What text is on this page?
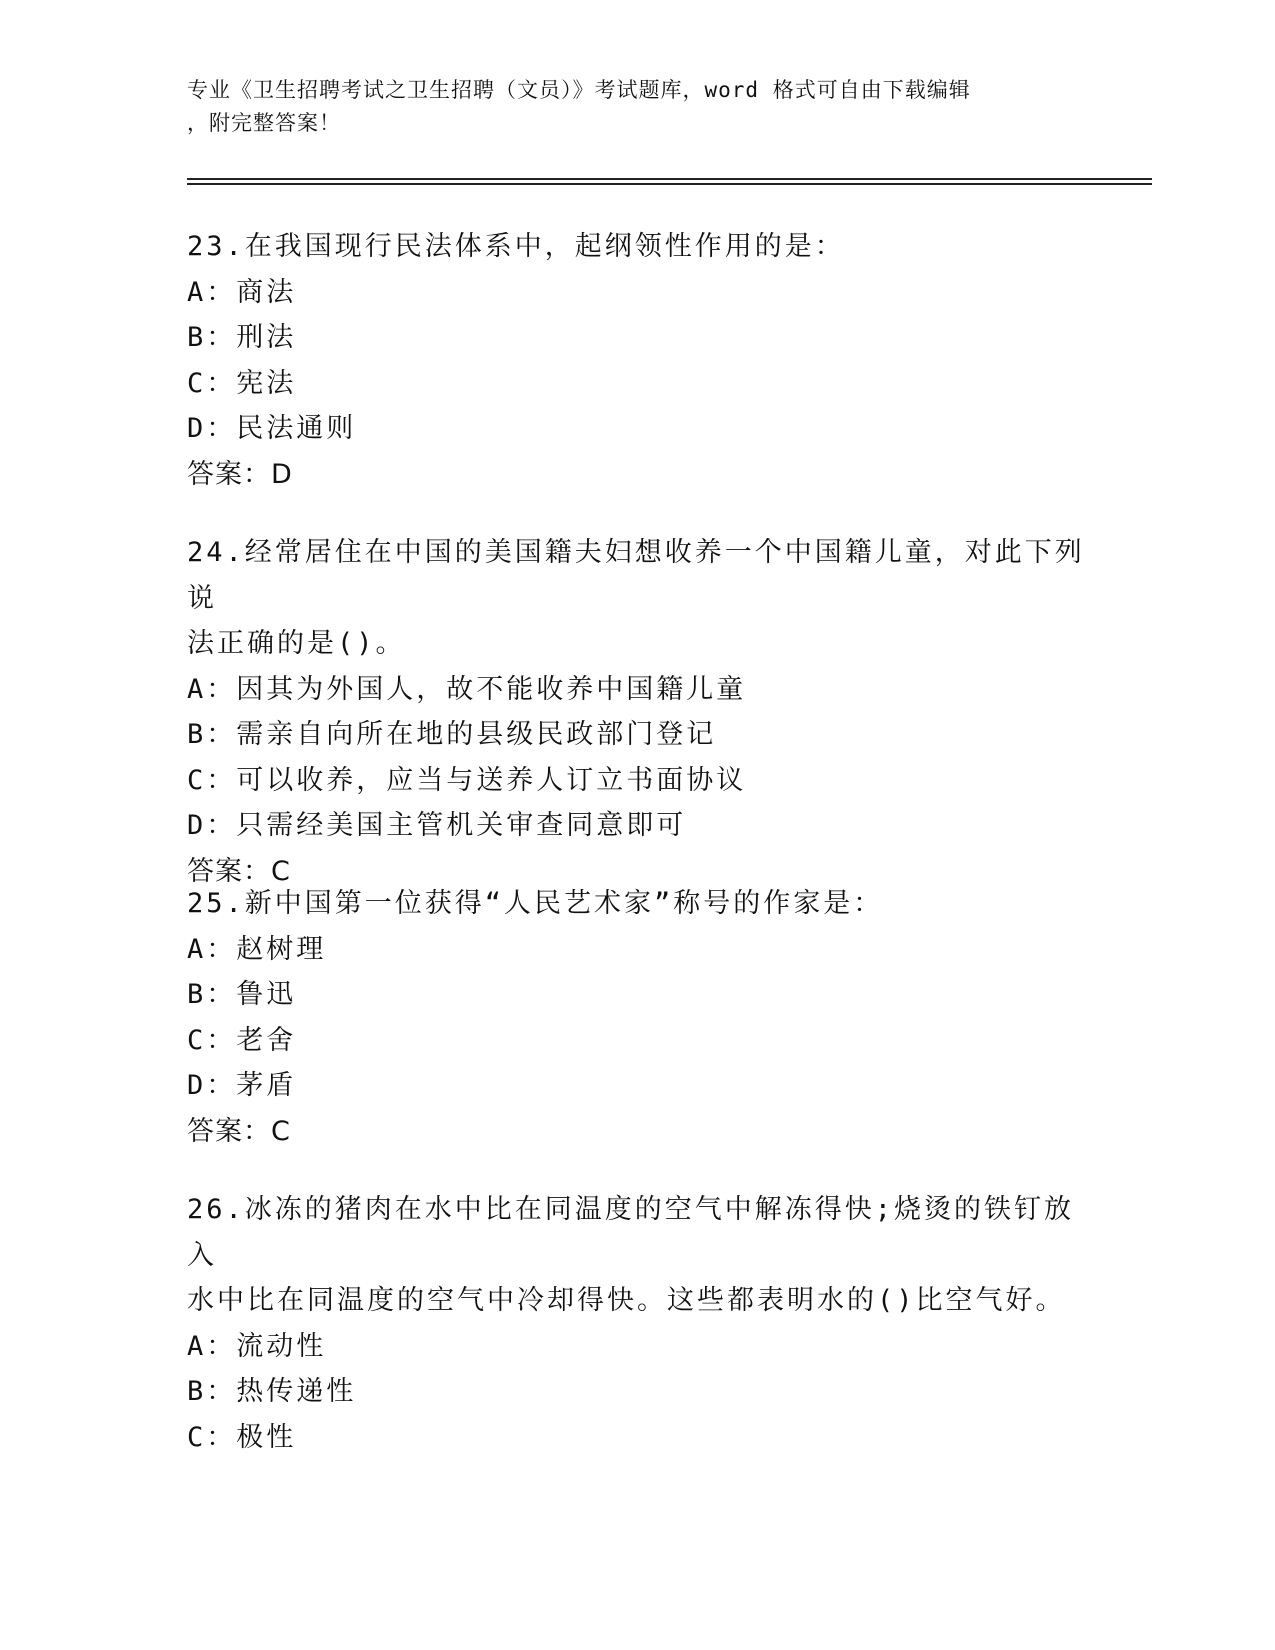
专业《卫生招聘考试之卫生招聘（文员）》考试题库，word 格式可自由下载编辑
，附完整答案！
23.在我国现行民法体系中，起纲领性作用的是：
A：商法
B：刑法
C：宪法
D：民法通则
答案：D
24.经常居住在中国的美国籍夫妇想收养一个中国籍儿童，对此下列说
法正确的是()。
A：因其为外国人，故不能收养中国籍儿童
B：需亲自向所在地的县级民政部门登记
C：可以收养，应当与送养人订立书面协议
D：只需经美国主管机关审查同意即可
答案：C
25.新中国第一位获得“人民艺术家”称号的作家是：
A：赵树理
B：鲁迅
C：老舍
D：茅盾
答案：C
26.冰冻的猪肉在水中比在同温度的空气中解冻得快;烧烫的铁钉放入
水中比在同温度的空气中冷却得快。这些都表明水的()比空气好。
A：流动性
B：热传递性
C：极性
